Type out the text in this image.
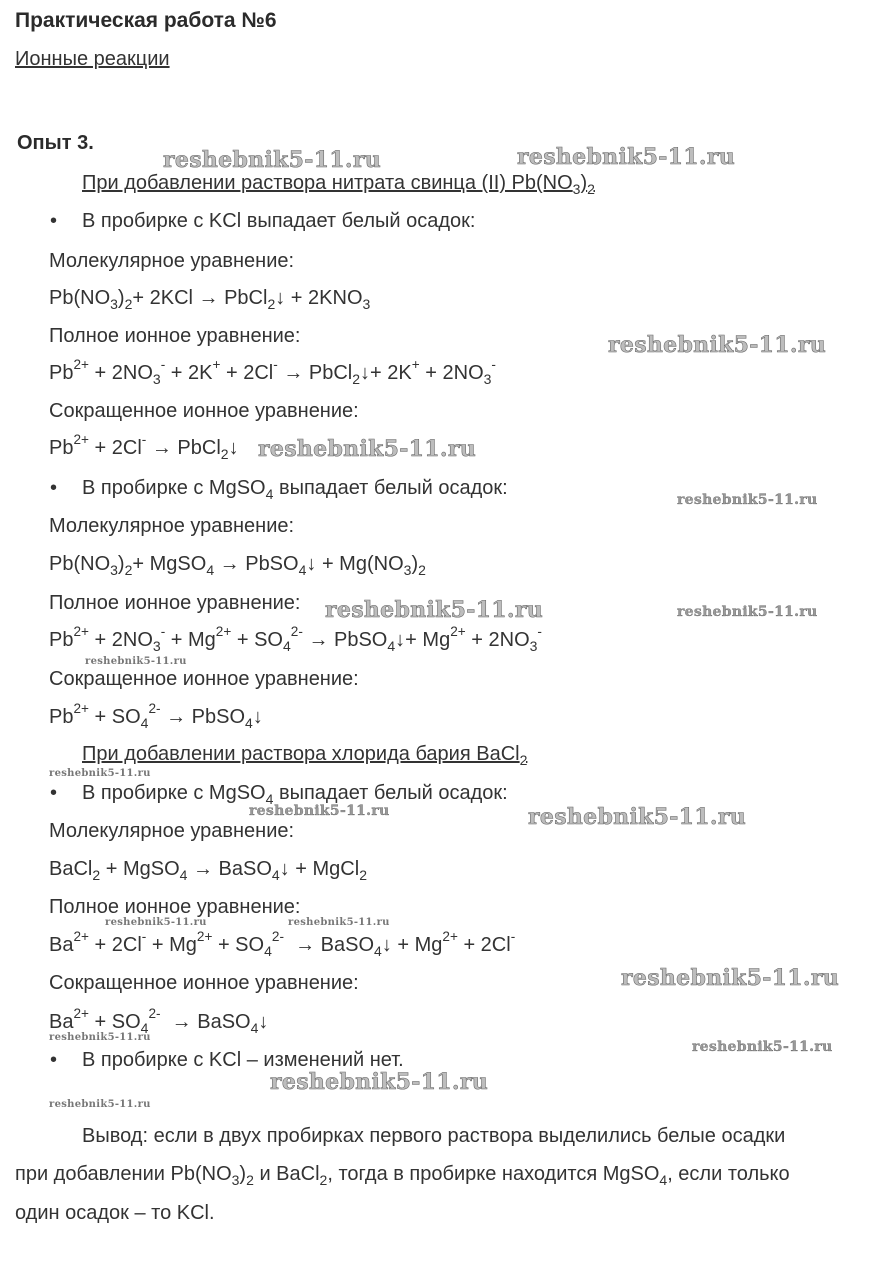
Практическая работа №6
Ионные реакции
Опыт 3.
При добавлении раствора нитрата свинца (II) $Pb(NO_3)_2$
• В пробирке с KCl выпадает белый осадок:
Молекулярное уравнение:
$Pb(NO_3)_2+ 2KCl$ → PbCl$_2$↓ + $2KNO_3$
Полное ионное уравнение:
$Pb^{2+} + 2NO_3^- + 2K^+ + 2Cl^-$ → PbCl$_2$↓+ $2K^+ + 2NO_3^-$
Сокращенное ионное уравнение:
$Pb^{2+} + 2Cl^-$ → PbCl$_2$↓
• В пробирке с MgSO$_4$ выпадает белый осадок:
Молекулярное уравнение:
$Pb(NO_3)_2+$ MgSO$_4$ → PbSO$_4$↓ + $Mg(NO_3)_2$
Полное ионное уравнение:
$Pb^{2+} + 2NO_3^- + Mg^{2+} + SO_4^{2-}$ → PbSO$_4$↓+ $Mg^{2+} + 2NO_3^-$
Сокращенное ионное уравнение:
$Pb^{2+} + SO_4^{2-}$ → PbSO$_4$↓
При добавлении раствора хлорида бария BaCl$_2$
• В пробирке с MgSO$_4$ выпадает белый осадок:
Молекулярное уравнение:
BaCl$_2$ + MgSO$_4$ → BaSO$_4$↓ + MgCl$_2$
Полное ионное уравнение:
$Ba^{2+} + 2Cl^- + Mg^{2+} + SO_4^{2-}$  → BaSO$_4$↓ + $Mg^{2+} + 2Cl^-$
Сокращенное ионное уравнение:
$Ba^{2+} + SO_4^{2-}$  → BaSO$_4$↓
• В пробирке с KCl – изменений нет.
Вывод: если в двух пробирках первого раствора выделились белые осадки
при добавлении $Pb(NO_3)_2$ и BaCl$_2$, тогда в пробирке находится MgSO$_4$, если только
один осадок – то KCl.
reshebnik5-11.ru	reshebnik5-11.ru
reshebnik5-11.ru
reshebnik5-11.ru
reshebnik5-11.ru
reshebnik5-11.ru	reshebnik5-11.ru
reshebnik5-11.ru
reshebnik5-11.ru
reshebnik5-11.ru	reshebnik5-11.ru
reshebnik5-11.ru	reshebnik5-11.ru
reshebnik5-11.ru
reshebnik5-11.ru
reshebnik5-11.ru
reshebnik5-11.ru
reshebnik5-11.ru
